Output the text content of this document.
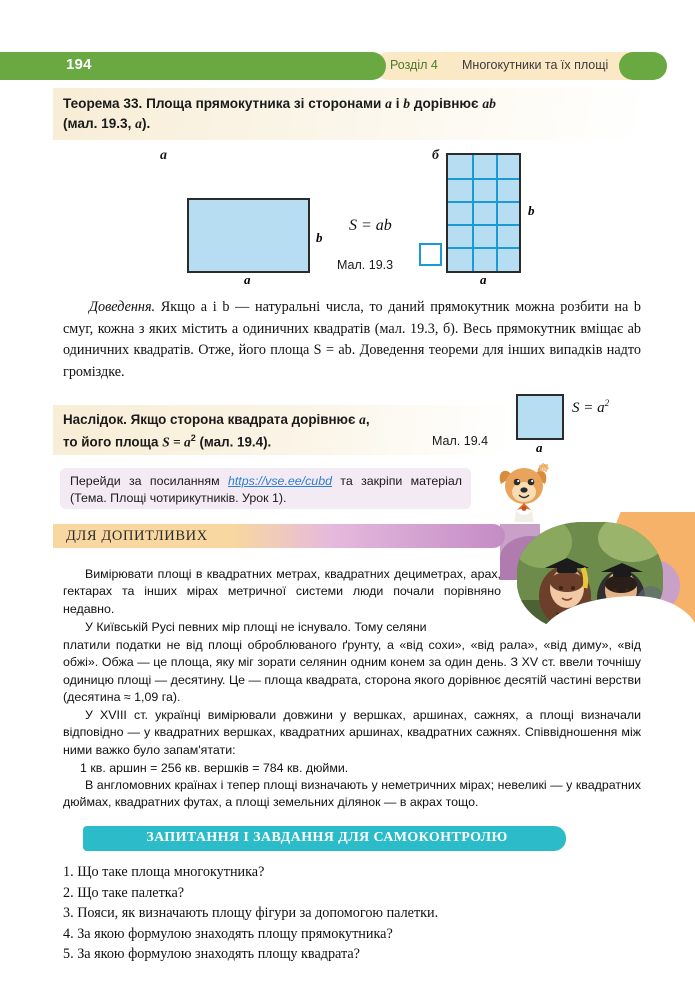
194	Розділ 4 Многокутники та їх площі
Теорема 33. Площа прямокутника зі сторонами a і b дорівнює ab
(мал. 19.3, а).
а	б
b
a
S = ab
b
a
Мал. 19.3
Доведення. Якщо a і b — натуральні числа, то даний прямокутник можна розбити на b смуг, кожна з яких містить a одиничних квадратів (мал. 19.3, б). Весь прямокутник вміщає ab одиничних квадратів. Отже, його площа S = ab. Доведення теореми для інших випадків надто громіздке.
Наслідок. Якщо сторона квадрата дорівнює a,
то його площа $S = a^2$ (мал. 19.4).	a
$S = a^2$
Мал. 19.4
Перейди за посиланням https://vse.ee/cubd та закріпи матеріал (Тема. Площі чотирикутників. Урок 1).
ДЛЯ ДОПИТЛИВИХ
Вимірювати площі в квадратних метрах, квадратних дециметрах, арах, гектарах та інших мірах метричної системи люди почали порівняно недавно.
У Київській Русі певних мір площі не існувало. Тому селяни
платили податки не від площі оброблюваного ґрунту, а «від сохи», «від рала», «від диму», «від обжі». Обжа — це площа, яку міг зорати селянин одним конем за один день. З XV ст. ввели точнішу одиницю площі — десятину. Це — площа квадрата, сторона якого дорівнює десятій частині верстви (десятина ≈ 1,09 га).
У XVIII ст. українці вимірювали довжини у вершках, аршинах, сажнях, а площі визначали відповідно — у квадратних вершках, квадратних аршинах, квадратних сажнях. Співвідношення між ними важко було запам'ятати:
1 кв. аршин = 256 кв. вершків = 784 кв. дюйми.
В англомовних країнах і тепер площі визначають у неметричних мірах; невеликі — у квадратних дюймах, квадратних футах, а площі земельних ділянок — в акрах тощо.
ЗАПИТАННЯ І ЗАВДАННЯ ДЛЯ САМОКОНТРОЛЮ
1. Що таке площа многокутника?
2. Що таке палетка?
3. Пояси, як визначають площу фігури за допомогою палетки.
4. За якою формулою знаходять площу прямокутника?
5. За якою формулою знаходять площу квадрата?
